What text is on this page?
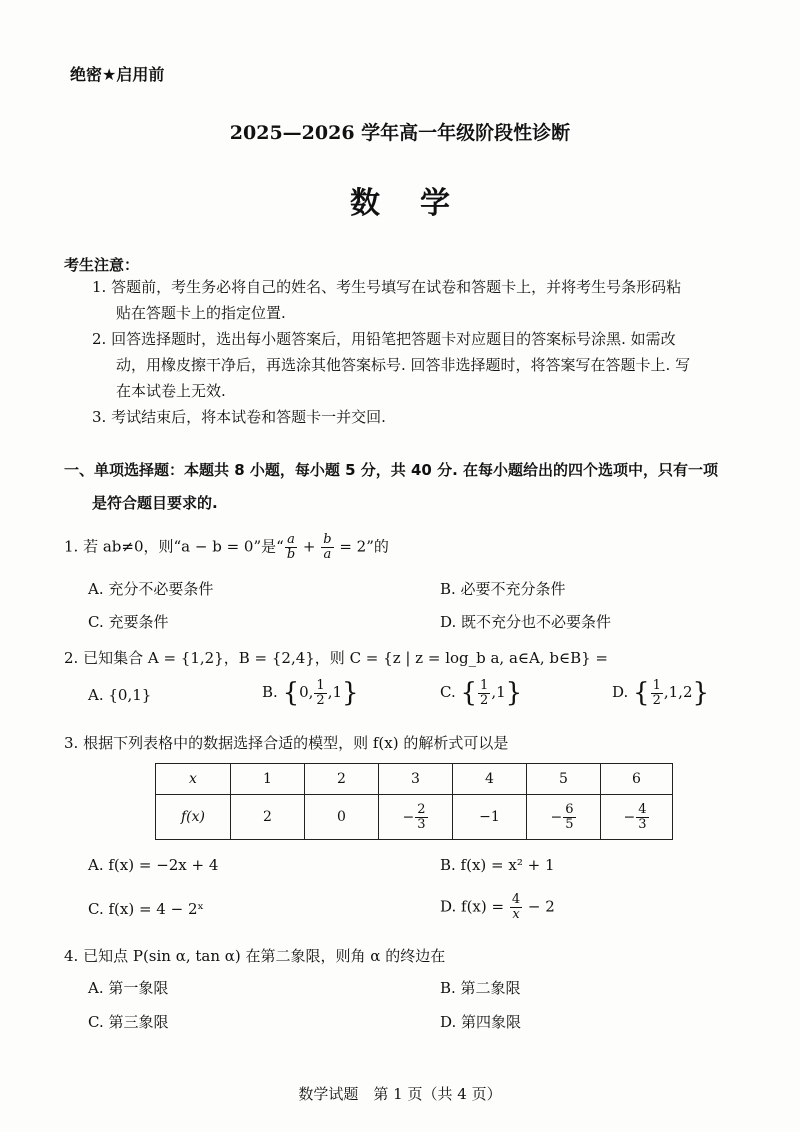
绝密★启用前
2025—2026 学年高一年级阶段性诊断
数学
考生注意：
1. 答题前，考生务必将自己的姓名、考生号填写在试卷和答题卡上，并将考生号条形码粘
贴在答题卡上的指定位置.
2. 回答选择题时，选出每小题答案后，用铅笔把答题卡对应题目的答案标号涂黑. 如需改
动，用橡皮擦干净后，再选涂其他答案标号. 回答非选择题时，将答案写在答题卡上. 写
在本试卷上无效.
3. 考试结束后，将本试卷和答题卡一并交回.
一、单项选择题：本题共 8 小题，每小题 5 分，共 40 分. 在每小题给出的四个选项中，只有一项
是符合题目要求的.
1. 若 ab≠0，则“a − b = 0”是“ $\frac{a}{b} + \frac{b}{a} = 2$”的
A. 充分不必要条件	B. 必要不充分条件
C. 充要条件	D. 既不充分也不必要条件
2. 已知集合 A = {1,2}，B = {2,4}，则 C = {z | z = log_b a, a∈A, b∈B} =
A. {0,1}	B. {0, $\frac{1}{2} ,1$}	C. { $\frac{1}{2} ,1$}	D. { $\frac{1}{2} ,1,2$}
3. 根据下列表格中的数据选择合适的模型，则 f(x) 的解析式可以是
x	1	2	3	4	5	6
f(x)	2	0	− $\frac{2}{3}$	−1	− $\frac{6}{5}$	− $\frac{4}{3}$
A. f(x) = −2x + 4	B. f(x) = x² + 1
C. f(x) = 4 − 2ˣ	D. $f(x) = \frac{4}{x} - 2$
4. 已知点 P(sin α, tan α) 在第二象限，则角 α 的终边在
A. 第一象限	B. 第二象限
C. 第三象限	D. 第四象限
数学试题　第 1 页（共 4 页）
